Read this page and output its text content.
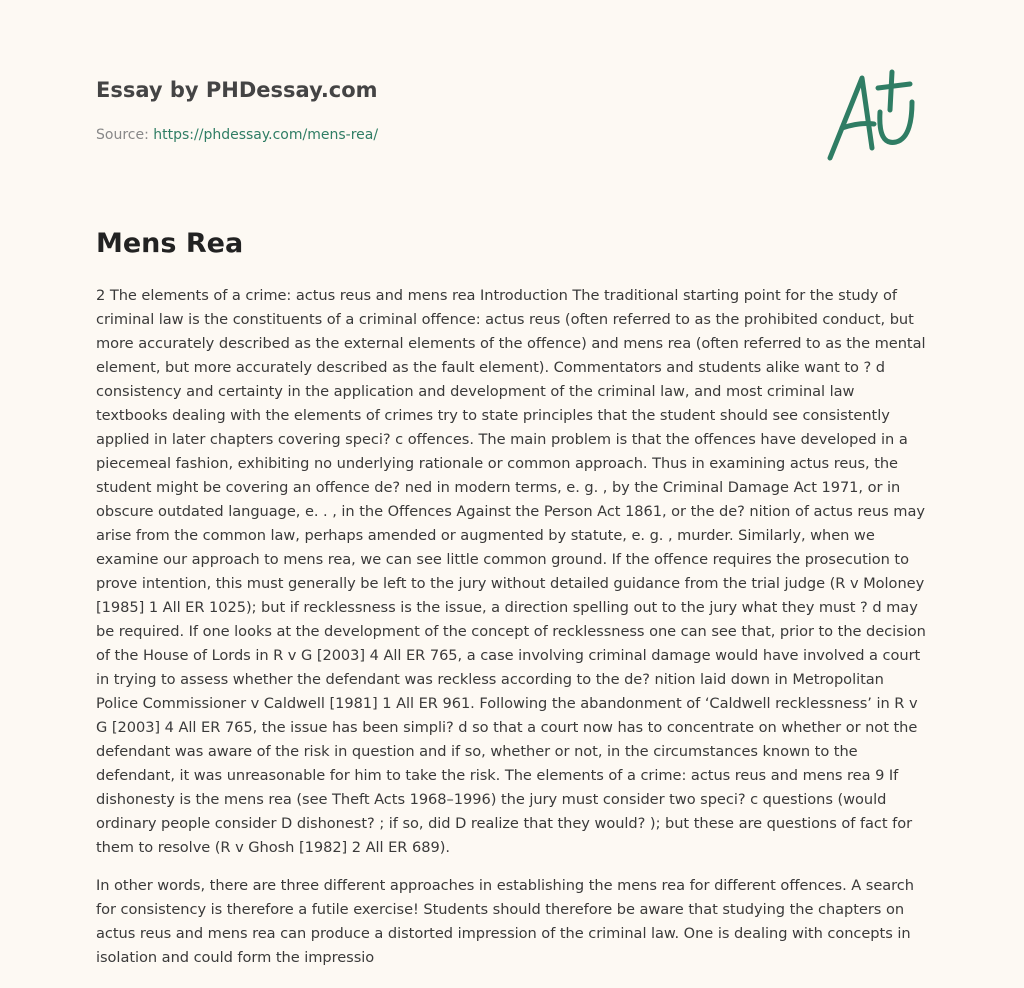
Essay by PHDessay.com
Source: https://phdessay.com/mens-rea/
Mens Rea

2 The elements of a crime: actus reus and mens rea Introduction The traditional starting point for the study of criminal law is the constituents of a criminal offence: actus reus (often referred to as the prohibited conduct, but more accurately described as the external elements of the offence) and mens rea (often referred to as the mental element, but more accurately described as the fault element). Commentators and students alike want to ? d consistency and certainty in the application and development of the criminal law, and most criminal law textbooks dealing with the elements of crimes try to state principles that the student should see consistently applied in later chapters covering speci? c offences. The main problem is that the offences have developed in a piecemeal fashion, exhibiting no underlying rationale or common approach. Thus in examining actus reus, the student might be covering an offence de? ned in modern terms, e. g. , by the Criminal Damage Act 1971, or in obscure outdated language, e. . , in the Offences Against the Person Act 1861, or the de? nition of actus reus may arise from the common law, perhaps amended or augmented by statute, e. g. , murder. Similarly, when we examine our approach to mens rea, we can see little common ground. If the offence requires the prosecution to prove intention, this must generally be left to the jury without detailed guidance from the trial judge (R v Moloney [1985] 1 All ER 1025); but if recklessness is the issue, a direction spelling out to the jury what they must ? d may be required. If one looks at the development of the concept of recklessness one can see that, prior to the decision of the House of Lords in R v G [2003] 4 All ER 765, a case involving criminal damage would have involved a court in trying to assess whether the defendant was reckless according to the de? nition laid down in Metropolitan Police Commissioner v Caldwell [1981] 1 All ER 961. Following the abandonment of ‘Caldwell recklessness’ in R v G [2003] 4 All ER 765, the issue has been simpli? d so that a court now has to concentrate on whether or not the defendant was aware of the risk in question and if so, whether or not, in the circumstances known to the defendant, it was unreasonable for him to take the risk. The elements of a crime: actus reus and mens rea 9 If dishonesty is the mens rea (see Theft Acts 1968–1996) the jury must consider two speci? c questions (would ordinary people consider D dishonest? ; if so, did D realize that they would? ); but these are questions of fact for them to resolve (R v Ghosh [1982] 2 All ER 689).

In other words, there are three different approaches in establishing the mens rea for different offences. A search for consistency is therefore a futile exercise! Students should therefore be aware that studying the chapters on actus reus and mens rea can produce a distorted impression of the criminal law. One is dealing with concepts in isolation and could form the impressio
